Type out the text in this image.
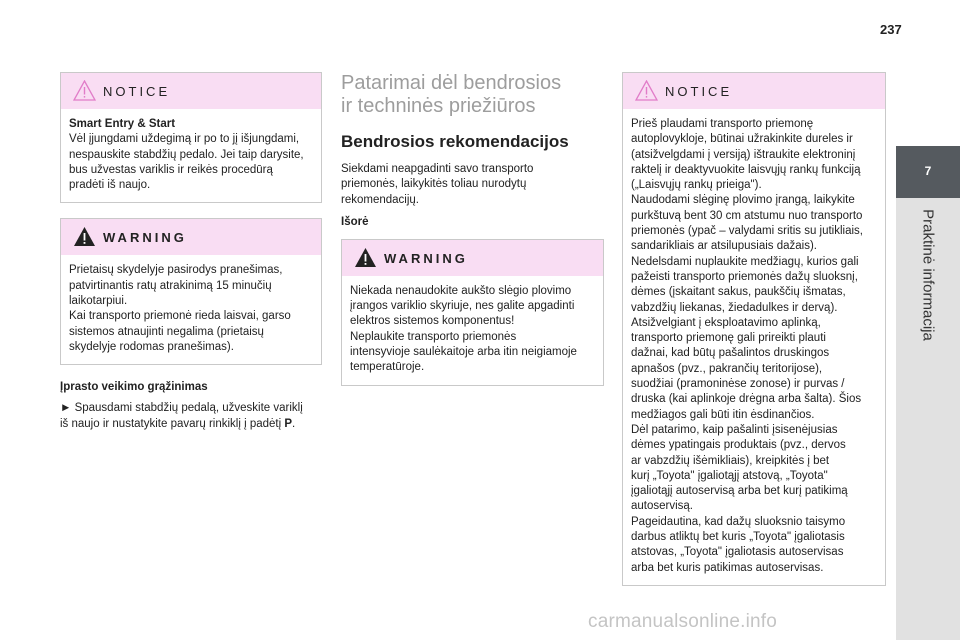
237
7
Praktinė informacija
NOTICE
Smart Entry & Start
Vėl įjungdami uždegimą ir po to jį išjungdami,
nespauskite stabdžių pedalo. Jei taip darysite,
bus užvestas variklis ir reikės procedūrą
pradėti iš naujo.
WARNING
Prietaisų skydelyje pasirodys pranešimas,
patvirtinantis ratų atrakinimą 15 minučių
laikotarpiui.
Kai transporto priemonė rieda laisvai, garso
sistemos atnaujinti negalima (prietaisų
skydelyje rodomas pranešimas).
Įprasto veikimo grąžinimas
► Spausdami stabdžių pedalą, užveskite variklį
iš naujo ir nustatykite pavarų rinkiklį į padėtį P.
Patarimai dėl bendrosios
ir techninės priežiūros
Bendrosios rekomendacijos
Siekdami neapgadinti savo transporto
priemonės, laikykitės toliau nurodytų
rekomendacijų.
Išorė
WARNING
Niekada nenaudokite aukšto slėgio plovimo
įrangos variklio skyriuje, nes galite apgadinti
elektros sistemos komponentus!
Neplaukite transporto priemonės
intensyvioje saulėkaitoje arba itin neigiamoje
temperatūroje.
NOTICE
Prieš plaudami transporto priemonę
autoplovykloje, būtinai užrakinkite dureles ir
(atsižvelgdami į versiją) ištraukite elektroninį
raktelį ir deaktyvuokite laisvųjų rankų funkciją
(„Laisvųjų rankų prieiga").
Naudodami slėginę plovimo įrangą, laikykite
purkštuvą bent 30 cm atstumu nuo transporto
priemonės (ypač – valydami sritis su jutikliais,
sandarikliais ar atsilupusiais dažais).
Nedelsdami nuplaukite medžiagų, kurios gali
pažeisti transporto priemonės dažų sluoksnį,
dėmes (įskaitant sakus, paukščių išmatas,
vabzdžių liekanas, žiedadulkes ir dervą).
Atsižvelgiant į eksploatavimo aplinką,
transporto priemonę gali prireikti plauti
dažnai, kad būtų pašalintos druskingos
apnašos (pvz., pakrančių teritorijose),
suodžiai (pramoninėse zonose) ir purvas /
druska (kai aplinkoje drėgna arba šalta). Šios
medžiagos gali būti itin ėsdinančios.
Dėl patarimo, kaip pašalinti įsisenėjusias
dėmes ypatingais produktais (pvz., dervos
ar vabzdžių išėmikliais), kreipkitės į bet
kurį „Toyota" įgaliotąjį atstovą, „Toyota"
įgaliotąjį autoservisą arba bet kurį patikimą
autoservisą.
Pageidautina, kad dažų sluoksnio taisymo
darbus atliktų bet kuris „Toyota" įgaliotasis
atstovas, „Toyota" įgaliotasis autoservisas
arba bet kuris patikimas autoservisas.
carmanualsonline.info
